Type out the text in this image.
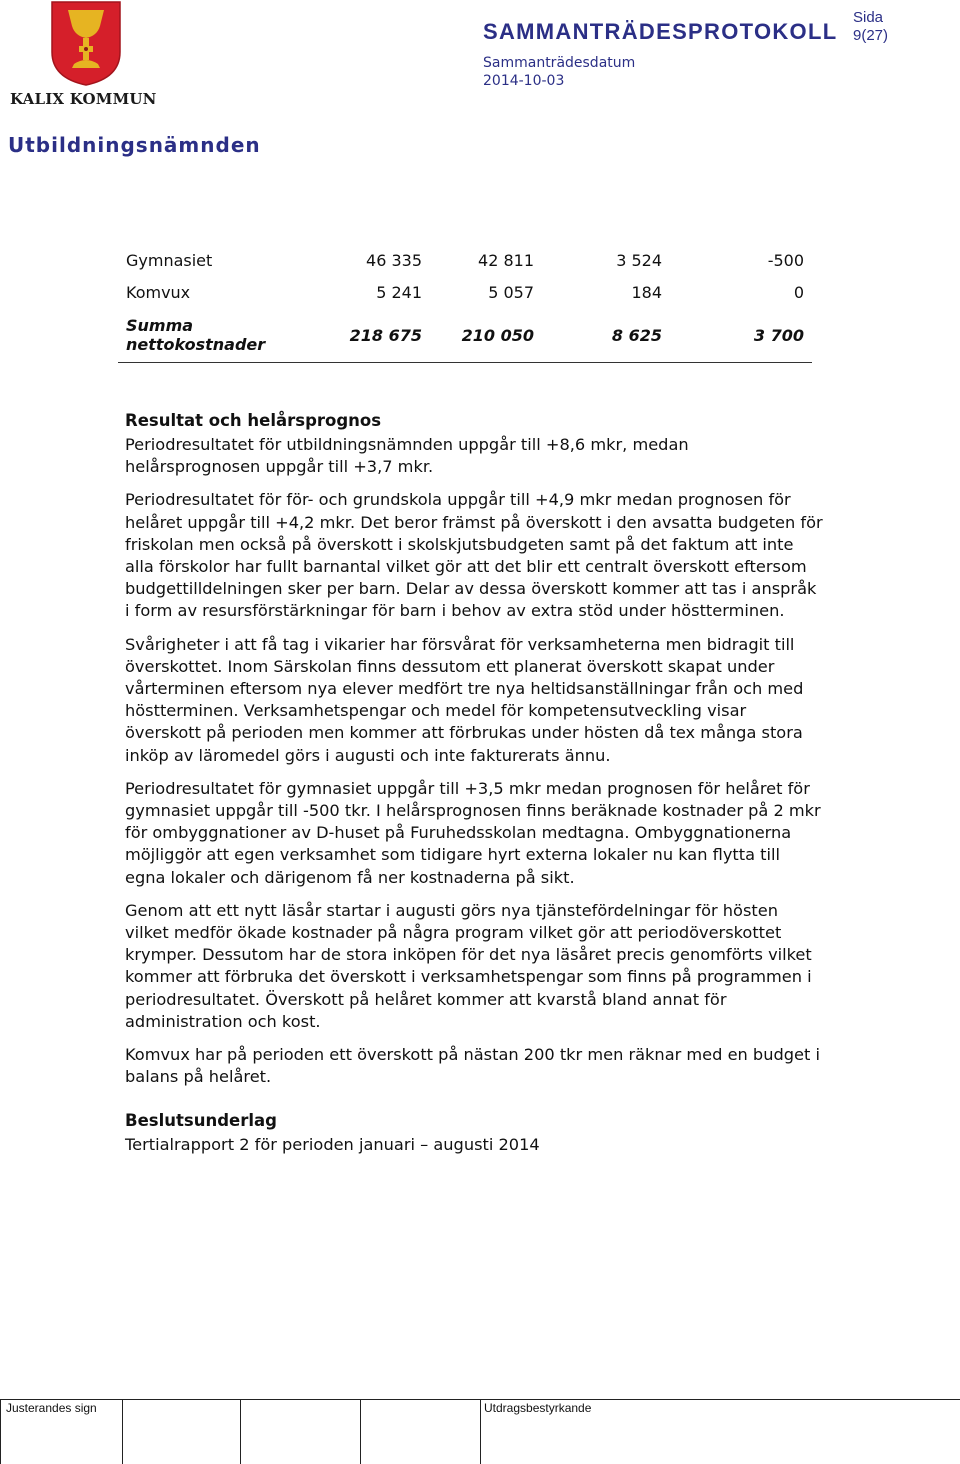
KALIX KOMMUN
SAMMANTRÄDESPROTOKOLL
Sida
9(27)
Sammanträdesdatum
2014-10-03
Utbildningsnämnden
Gymnasiet	46 335	42 811	3 524	-500
Komvux	5 241	5 057	184	0
Summa
nettokostnader	218 675	210 050	8 625	3 700
Resultat och helårsprognos

Periodresultatet för utbildningsnämnden uppgår till +8,6 mkr, medan helårsprognosen uppgår till +3,7 mkr.

Periodresultatet för för- och grundskola uppgår till +4,9 mkr medan prognosen för helåret uppgår till +4,2 mkr. Det beror främst på överskott i den avsatta budgeten för friskolan men också på överskott i skolskjutsbudgeten samt på det faktum att inte alla förskolor har fullt barnantal vilket gör att det blir ett centralt överskott eftersom budgettilldelningen sker per barn. Delar av dessa överskott kommer att tas i anspråk i form av resursförstärkningar för barn i behov av extra stöd under höstterminen.

Svårigheter i att få tag i vikarier har försvårat för verksamheterna men bidragit till överskottet. Inom Särskolan finns dessutom ett planerat överskott skapat under vårterminen eftersom nya elever medfört tre nya heltidsanställningar från och med höstterminen. Verksamhetspengar och medel för kompetensutveckling visar överskott på perioden men kommer att förbrukas under hösten då tex många stora inköp av läromedel görs i augusti och inte fakturerats ännu.

Periodresultatet för gymnasiet uppgår till +3,5 mkr medan prognosen för helåret för gymnasiet uppgår till -500 tkr. I helårsprognosen finns beräknade kostnader på 2 mkr för ombyggnationer av D-huset på Furuhedsskolan medtagna. Ombyggnationerna möjliggör att egen verksamhet som tidigare hyrt externa lokaler nu kan flytta till egna lokaler och därigenom få ner kostnaderna på sikt.

Genom att ett nytt läsår startar i augusti görs nya tjänstefördelningar för hösten vilket medför ökade kostnader på några program vilket gör att periodöverskottet krymper. Dessutom har de stora inköpen för det nya läsåret precis genomförts vilket kommer att förbruka det överskott i verksamhetspengar som finns på programmen i periodresultatet. Överskott på helåret kommer att kvarstå bland annat för administration och kost.

Komvux har på perioden ett överskott på nästan 200 tkr men räknar med en budget i balans på helåret.

Beslutsunderlag

Tertialrapport 2 för perioden januari – augusti 2014

Justerandes sign	Utdragsbestyrkande
